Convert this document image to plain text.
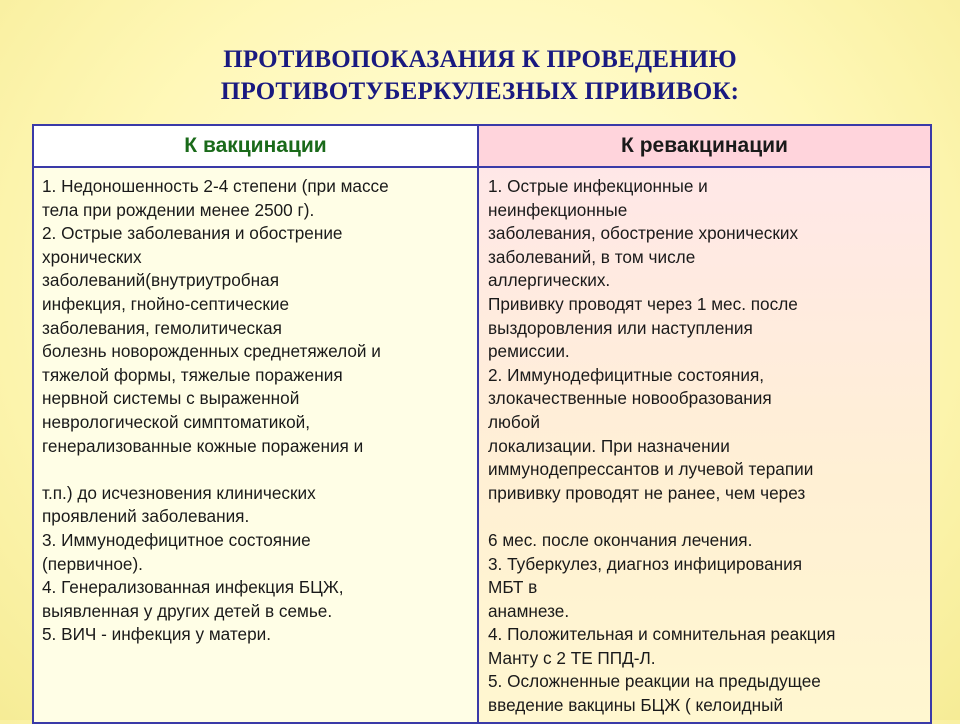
ПРОТИВОПОКАЗАНИЯ К ПРОВЕДЕНИЮ
ПРОТИВОТУБЕРКУЛЕЗНЫХ ПРИВИВОК:
К вакцинации
1. Недоношенность 2-4 степени (при массе
тела при рождении менее 2500 г).
2. Острые заболевания и обострение
хронических
заболеваний(внутриутробная
инфекция, гнойно-септические
заболевания, гемолитическая
болезнь новорожденных среднетяжелой и
тяжелой формы, тяжелые поражения
нервной системы с выраженной
неврологической симптоматикой,
генерализованные кожные поражения и

т.п.) до исчезновения клинических
проявлений заболевания.
3. Иммунодефицитное состояние
(первичное).
4. Генерализованная инфекция БЦЖ,
выявленная у других детей в семье.
5. ВИЧ - инфекция у матери.
К ревакцинации
1. Острые инфекционные и
неинфекционные
заболевания, обострение хронических
заболеваний, в том числе
аллергических.
Прививку проводят через 1 мес. после
выздоровления или наступления
ремиссии.
2. Иммунодефицитные состояния,
злокачественные новообразования
любой
локализации. При назначении
иммунодепрессантов и лучевой терапии
прививку проводят не ранее, чем через

6 мес. после окончания лечения.
3. Туберкулез, диагноз инфицирования
МБТ в
анамнезе.
4. Положительная и сомнительная реакция
Манту с 2 ТЕ ППД-Л.
5. Осложненные реакции на предыдущее
введение вакцины БЦЖ ( келоидный
